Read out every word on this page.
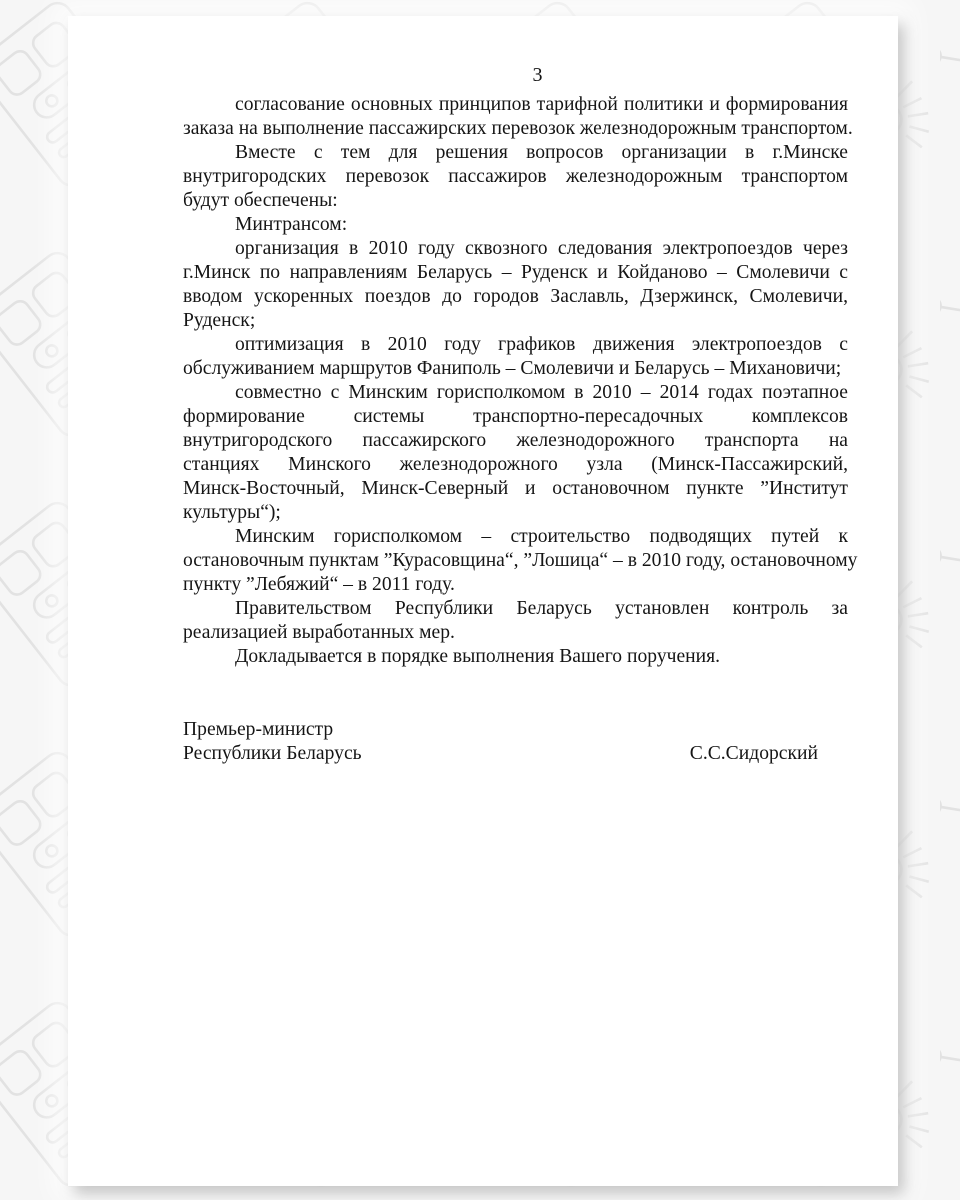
3
согласование основных принципов тарифной политики и формирования
заказа на выполнение пассажирских перевозок железнодорожным транспортом.
Вместе с тем для решения вопросов организации в г.Минске
внутригородских перевозок пассажиров железнодорожным транспортом
будут обеспечены:
Минтрансом:
организация в 2010 году сквозного следования электропоездов через
г.Минск по направлениям Беларусь – Руденск и Койданово – Смолевичи с
вводом ускоренных поездов до городов Заславль, Дзержинск, Смолевичи,
Руденск;
оптимизация в 2010 году графиков движения электропоездов с
обслуживанием маршрутов Фаниполь – Смолевичи и Беларусь – Михановичи;
совместно с Минским горисполкомом в 2010 – 2014 годах поэтапное
формирование системы транспортно-пересадочных комплексов
внутригородского пассажирского железнодорожного транспорта на
станциях Минского железнодорожного узла (Минск-Пассажирский,
Минск-Восточный, Минск-Северный и остановочном пункте ”Институт
культуры“);
Минским горисполкомом – строительство подводящих путей к
остановочным пунктам ”Курасовщина“, ”Лошица“ – в 2010 году, остановочному
пункту ”Лебяжий“ – в 2011 году.
Правительством Республики Беларусь установлен контроль за
реализацией выработанных мер.
Докладывается в порядке выполнения Вашего поручения.
Премьер-министр
Республики Беларусь	С.С.Сидорский
